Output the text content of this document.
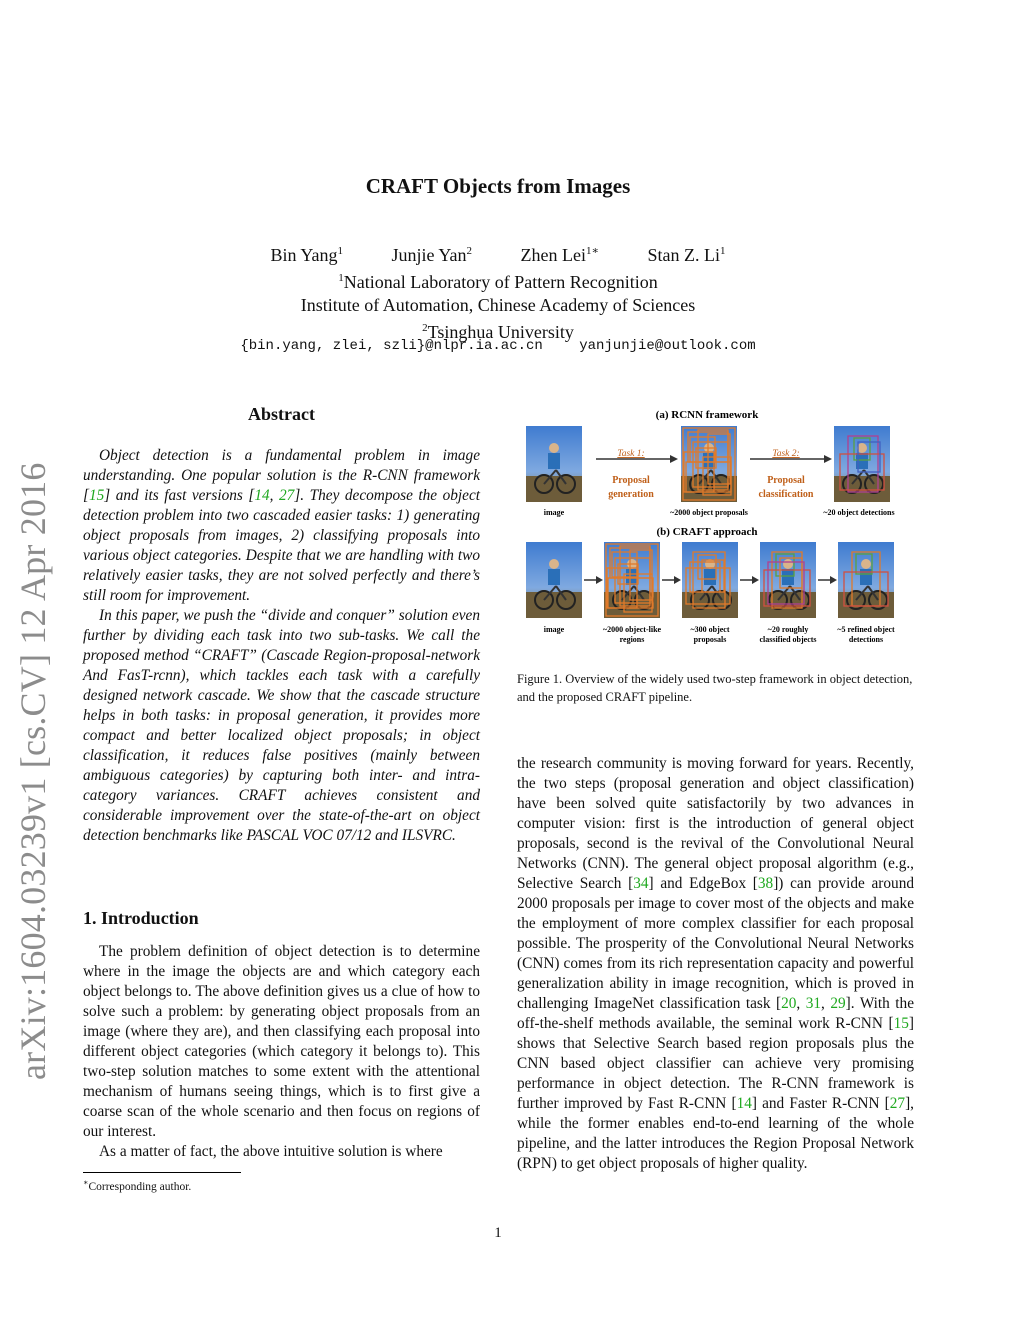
CRAFT Objects from Images
Bin Yang$^1$	Junjie Yan$^2$	Zhen Lei$^{1∗}$	Stan Z. Li$^1$
$^1$National Laboratory of Pattern Recognition
Institute of Automation, Chinese Academy of Sciences
$^2$Tsinghua University
{bin.yang, zlei, szli}@nlpr.ia.ac.cn	yanjunjie@outlook.com
arXiv:1604.03239v1 [cs.CV] 12 Apr 2016
Abstract

Object detection is a fundamental problem in image understanding. One popular solution is the R-CNN framework [15] and its fast versions [14, 27]. They decompose the object detection problem into two cascaded easier tasks: 1) generating object proposals from images, 2) classifying proposals into various object categories. Despite that we are handling with two relatively easier tasks, they are not solved perfectly and there’s still room for improvement.

In this paper, we push the “divide and conquer” solution even further by dividing each task into two sub-tasks. We call the proposed method “CRAFT” (Cascade Region-proposal-network And FasT-rcnn), which tackles each task with a carefully designed network cascade. We show that the cascade structure helps in both tasks: in proposal generation, it provides more compact and better localized object proposals; in object classification, it reduces false positives (mainly between ambiguous categories) by capturing both inter- and intra-category variances. CRAFT achieves consistent and considerable improvement over the state-of-the-art on object detection benchmarks like PASCAL VOC 07/12 and ILSVRC.

1. Introduction

The problem definition of object detection is to determine where in the image the objects are and which category each object belongs to. The above definition gives us a clue of how to solve such a problem: by generating object proposals from an image (where they are), and then classifying each proposal into different object categories (which category it belongs to). This two-step solution matches to some extent with the attentional mechanism of humans seeing things, which is to first give a coarse scan of the whole scenario and then focus on regions of our interest.

As a matter of fact, the above intuitive solution is where

∗Corresponding author.
(a) RCNN framework
image
Task 1:
Proposal
generation
~2000 object proposals
Task 2:
Proposal
classification
~20 object detections
(b) CRAFT approach
image	~2000 object-like
regions
~300 object
proposals
~20 roughly
classified objects
~5 refined object
detections
Figure 1. Overview of the widely used two-step framework in object detection, and the proposed CRAFT pipeline.

the research community is moving forward for years. Recently, the two steps (proposal generation and object classification) have been solved quite satisfactorily by two advances in computer vision: first is the introduction of general object proposals, second is the revival of the Convolutional Neural Networks (CNN). The general object proposal algorithm (e.g., Selective Search [34] and EdgeBox [38]) can provide around 2000 proposals per image to cover most of the objects and make the employment of more complex classifier for each proposal possible. The prosperity of the Convolutional Neural Networks (CNN) comes from its rich representation capacity and powerful generalization ability in image recognition, which is proved in challenging ImageNet classification task [20, 31, 29]. With the off-the-shelf methods available, the seminal work R-CNN [15] shows that Selective Search based region proposals plus the CNN based object classifier can achieve very promising performance in object detection. The R-CNN framework is further improved by Fast R-CNN [14] and Faster R-CNN [27], while the former enables end-to-end learning of the whole pipeline, and the latter introduces the Region Proposal Network (RPN) to get object proposals of higher quality.

1
